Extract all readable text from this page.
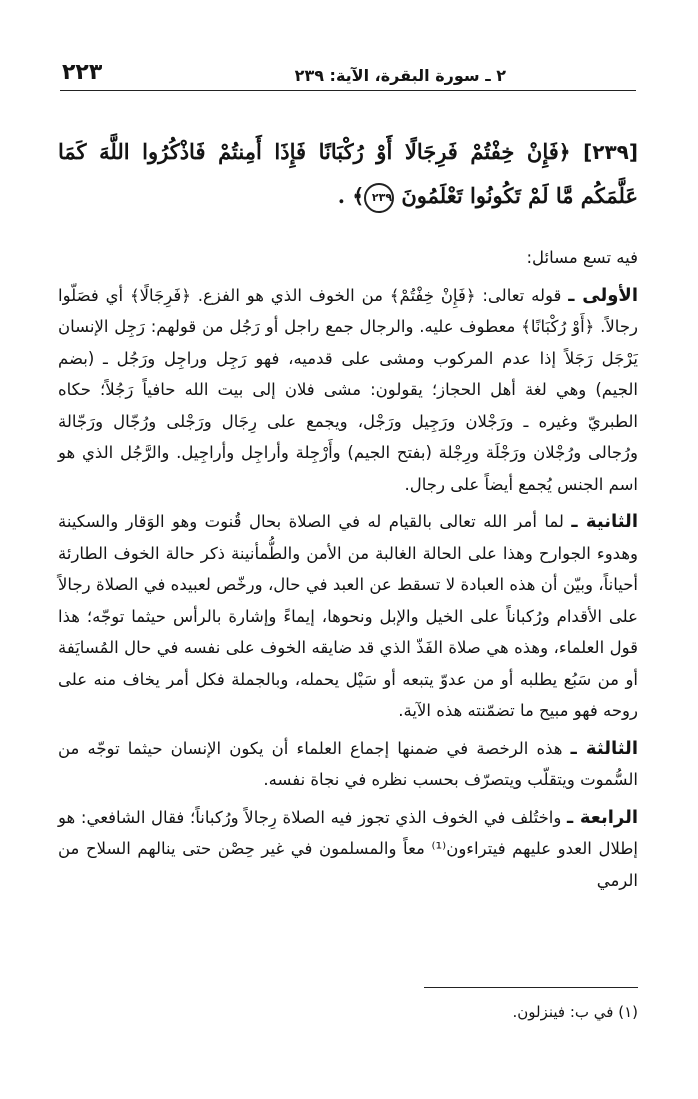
٢ ـ سورة البقرة، الآية: ٢٣٩
٢٢٣

[٢٣٩] ﴿فَإِنْ خِفْتُمْ فَرِجَالًا أَوْ رُكْبَانًا فَإِذَا أَمِنتُمْ فَاذْكُرُوا اللَّهَ كَمَا عَلَّمَكُم مَّا لَمْ تَكُونُوا تَعْلَمُونَ ٢٣٩﴾ .

فيه تسع مسائل:

الأولى ـ قوله تعالى: ﴿فَإِنْ خِفْتُمْ﴾ من الخوف الذي هو الفزع. ﴿فَرِجَالًا﴾ أي فصَلّوا رجالاً. ﴿أَوْ رُكْبَانًا﴾ معطوف عليه. والرجال جمع راجل أو رَجُل من قولهم: رَجِل الإنسان يَرْجَل رَجَلاً إذا عدم المركوب ومشى على قدميه، فهو رَجِل وراجِل ورَجُل ـ (بضم الجيم) وهي لغة أهل الحجاز؛ يقولون: مشى فلان إلى بيت الله حافياً رَجُلاً؛ حكاه الطبريّ وغيره ـ ورَجْلان ورَجِيل ورَجْل، ويجمع على رِجَال ورَجْلى ورُجّال ورَجّالة ورُجالى ورُجْلان ورَجْلَة ورِجْلة (بفتح الجيم) وأَرْجِلة وأراجِل وأراجِيل. والرَّجُل الذي هو اسم الجنس يُجمع أيضاً على رجال.

الثانية ـ لما أمر الله تعالى بالقيام له في الصلاة بحال قُنوت وهو الوَقار والسكينة وهدوء الجوارح وهذا على الحالة الغالبة من الأمن والطُّمأنينة ذكر حالة الخوف الطارئة أحياناً، وبيّن أن هذه العبادة لا تسقط عن العبد في حال، ورخّص لعبيده في الصلاة رجالاً على الأقدام ورُكباناً على الخيل والإبل ونحوها، إيماءً وإشارة بالرأس حيثما توجّه؛ هذا قول العلماء، وهذه هي صلاة الفَذّ الذي قد ضايقه الخوف على نفسه في حال المُسايَفة أو من سَبُع يطلبه أو من عدوّ يتبعه أو سَيْل يحمله، وبالجملة فكل أمر يخاف منه على روحه فهو مبيح ما تضمّنته هذه الآية.

الثالثة ـ هذه الرخصة في ضمنها إجماع العلماء أن يكون الإنسان حيثما توجّه من السُّموت ويتقلّب ويتصرّف بحسب نظره في نجاة نفسه.

الرابعة ـ واختُلف في الخوف الذي تجوز فيه الصلاة رِجالاً ورُكباناً؛ فقال الشافعي: هو إطلال العدو عليهم فيتراءون⁽¹⁾ معاً والمسلمون في غير حِصْن حتى ينالهم السلاح من الرمي

(١) في ب: فينزلون.
